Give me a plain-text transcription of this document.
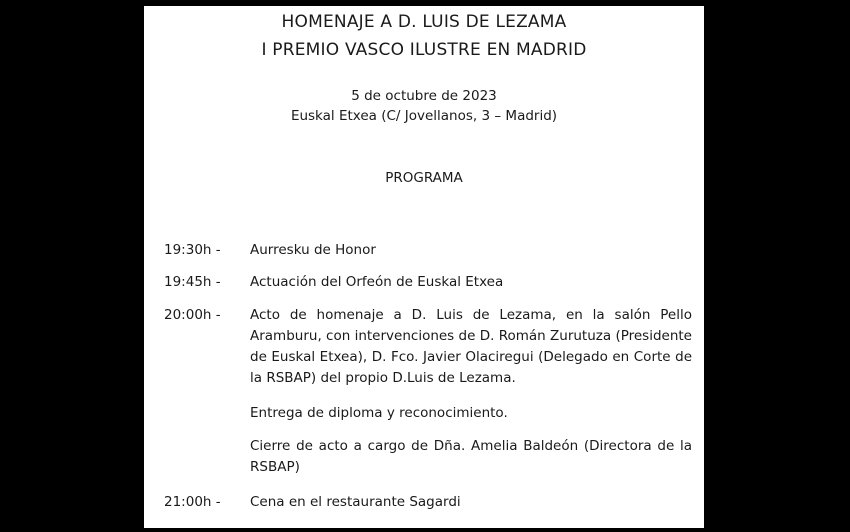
HOMENAJE A D. LUIS DE LEZAMA
I PREMIO VASCO ILUSTRE EN MADRID
5 de octubre de 2023
Euskal Etxea (C/ Jovellanos, 3 – Madrid)
PROGRAMA
19:30h - Aurresku de Honor
19:45h - Actuación del Orfeón de Euskal Etxea
20:00h - Acto de homenaje a D. Luis de Lezama, en la salón Pello Aramburu, con intervenciones de D. Román Zurutuza (Presidente de Euskal Etxea), D. Fco. Javier Olaciregui (Delegado en Corte de la RSBAP) del propio D.Luis de Lezama.
Entrega de diploma y reconocimiento.
Cierre de acto a cargo de Dña. Amelia Baldeón (Directora de la RSBAP)
21:00h - Cena en el restaurante Sagardi
